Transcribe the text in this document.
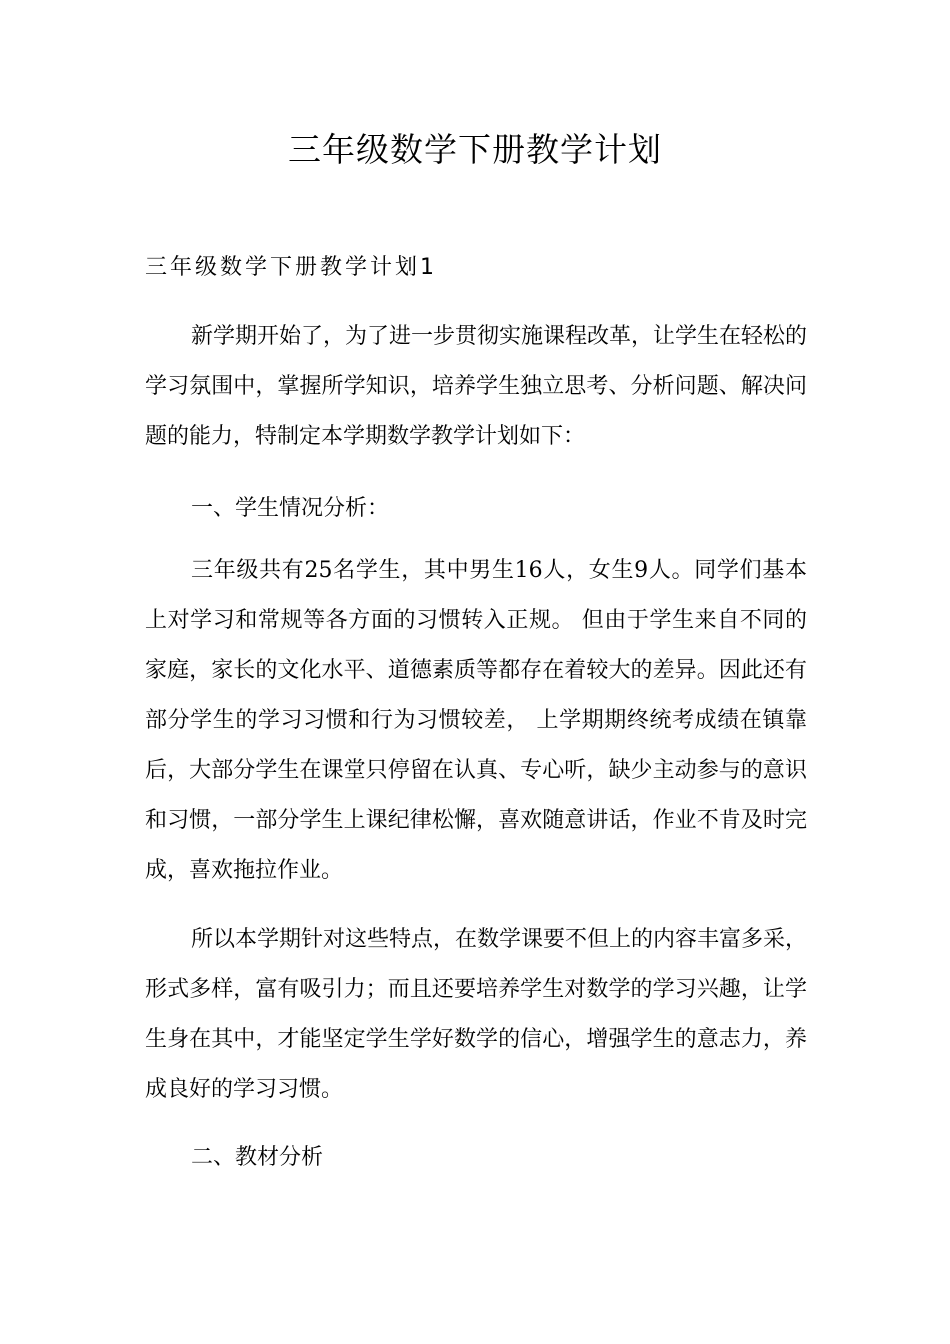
三年级数学下册教学计划
三年级数学下册教学计划1

新学期开始了，为了进一步贯彻实施课程改革，让学生在轻松的学习氛围中，掌握所学知识，培养学生独立思考、分析问题、解决问题的能力，特制定本学期数学教学计划如下：

一、学生情况分析：

三年级共有25名学生，其中男生16人，女生9人。同学们基本上对学习和常规等各方面的习惯转入正规。 但由于学生来自不同的家庭，家长的文化水平、道德素质等都存在着较大的差异。因此还有部分学生的学习习惯和行为习惯较差， 上学期期终统考成绩在镇靠后，大部分学生在课堂只停留在认真、专心听，缺少主动参与的意识和习惯，一部分学生上课纪律松懈，喜欢随意讲话，作业不肯及时完成，喜欢拖拉作业。

所以本学期针对这些特点，在数学课要不但上的内容丰富多采，形式多样，富有吸引力；而且还要培养学生对数学的学习兴趣，让学生身在其中，才能坚定学生学好数学的信心，增强学生的意志力，养成良好的学习习惯。

二、教材分析
